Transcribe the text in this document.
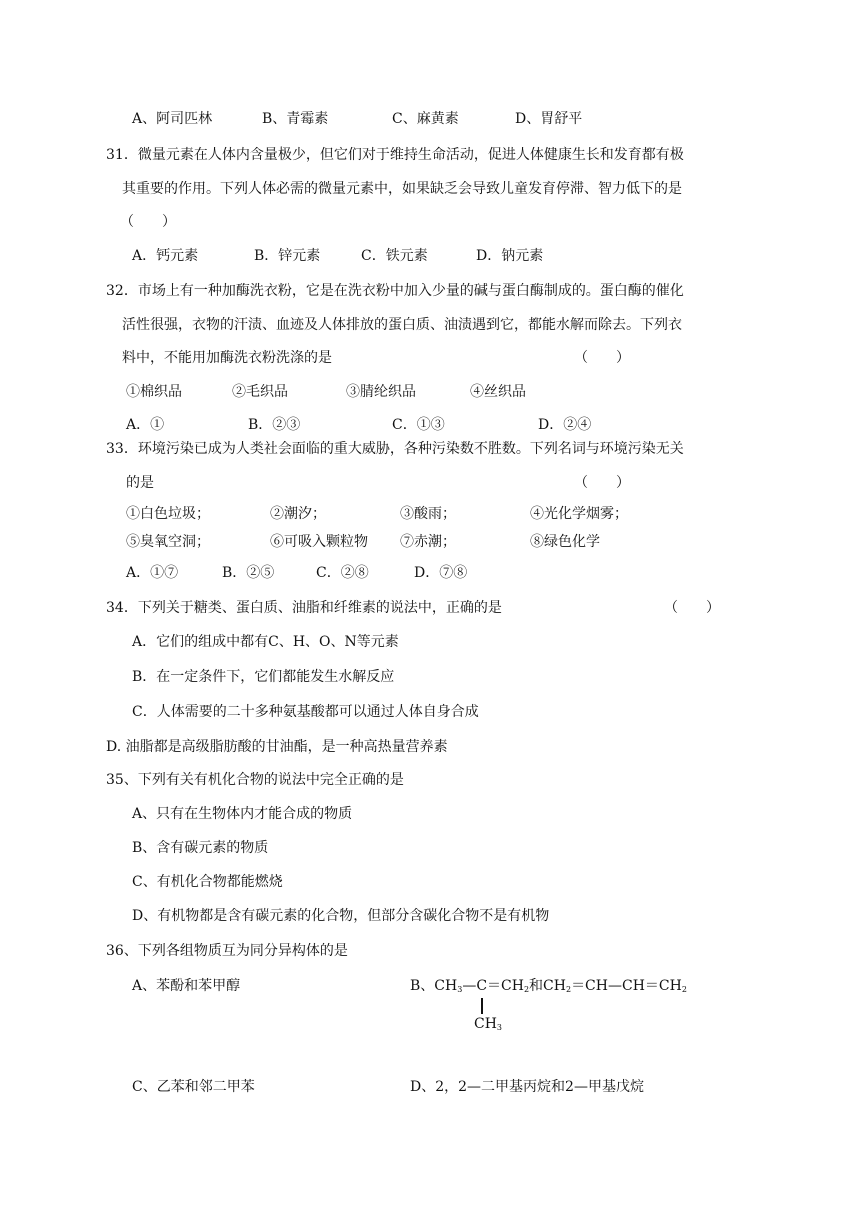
A、阿司匹林	B、青霉素	C、麻黄素	D、胃舒平
31．微量元素在人体内含量极少，但它们对于维持生命活动，促进人体健康生长和发育都有极
其重要的作用。下列人体必需的微量元素中，如果缺乏会导致儿童发育停滞、智力低下的是
（　　）
A．钙元素	B．锌元素	C．铁元素	D．钠元素
32．市场上有一种加酶洗衣粉，它是在洗衣粉中加入少量的碱与蛋白酶制成的。蛋白酶的催化
活性很强，衣物的汗渍、血迹及人体排放的蛋白质、油渍遇到它，都能水解而除去。下列衣
料中，不能用加酶洗衣粉洗涤的是	（　　）
①棉织品	②毛织品	③腈纶织品	④丝织品
A．①	B．②③	C．①③	D．②④
33．环境污染已成为人类社会面临的重大威胁，各种污染数不胜数。下列名词与环境污染无关
的是	（　　）
①白色垃圾；	②潮汐；	③酸雨；	④光化学烟雾；
⑤臭氧空洞；	⑥可吸入颗粒物 ⑦赤潮；	⑧绿色化学
A．①⑦	B．②⑤	C．②⑧	D．⑦⑧
34．下列关于糖类、蛋白质、油脂和纤维素的说法中，正确的是	（　　）
A．它们的组成中都有C、H、O、N等元素
B．在一定条件下，它们都能发生水解反应
C．人体需要的二十多种氨基酸都可以通过人体自身合成
D. 油脂都是高级脂肪酸的甘油酯，是一种高热量营养素
35、下列有关有机化合物的说法中完全正确的是
A、只有在生物体内才能合成的物质
B、含有碳元素的物质
C、有机化合物都能燃烧
D、有机物都是含有碳元素的化合物，但部分含碳化合物不是有机物
36、下列各组物质互为同分异构体的是
A、苯酚和苯甲醇	B、$CH_3—C=CH_2$和$CH_2=CH—CH=CH_2$
$CH_3$
C、乙苯和邻二甲苯	D、2，2—二甲基丙烷和2—甲基戊烷
